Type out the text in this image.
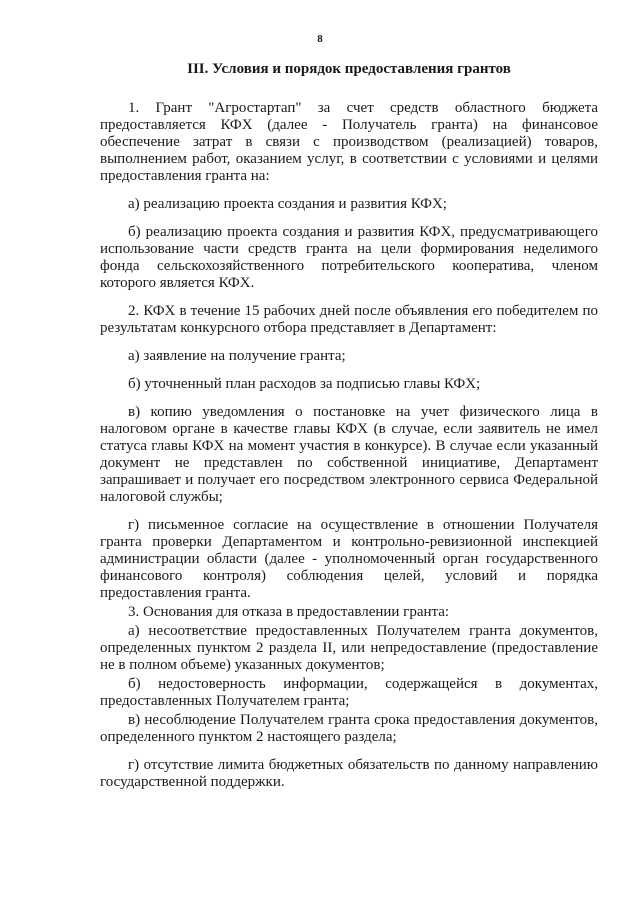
8
III. Условия и порядок предоставления грантов

1. Грант "Агростартап" за счет средств областного бюджета предоставляется КФХ (далее - Получатель гранта) на финансовое обеспечение затрат в связи с производством (реализацией) товаров, выполнением работ, оказанием услуг, в соответствии с условиями и целями предоставления гранта на:

а) реализацию проекта создания и развития КФХ;

б) реализацию проекта создания и развития КФХ, предусматривающего использование части средств гранта на цели формирования неделимого фонда сельскохозяйственного потребительского кооператива, членом которого является КФХ.

2. КФХ в течение 15 рабочих дней после объявления его победителем по результатам конкурсного отбора представляет в Департамент:

а) заявление на получение гранта;

б) уточненный план расходов за подписью главы КФХ;

в) копию уведомления о постановке на учет физического лица в налоговом органе в качестве главы КФХ (в случае, если заявитель не имел статуса главы КФХ на момент участия в конкурсе). В случае если указанный документ не представлен по собственной инициативе, Департамент запрашивает и получает его посредством электронного сервиса Федеральной налоговой службы;

г) письменное согласие на осуществление в отношении Получателя гранта проверки Департаментом и контрольно-ревизионной инспекцией администрации области (далее - уполномоченный орган государственного финансового контроля) соблюдения целей, условий и порядка предоставления гранта.

3. Основания для отказа в предоставлении гранта:

а) несоответствие предоставленных Получателем гранта документов, определенных пунктом 2 раздела II, или непредоставление (предоставление не в полном объеме) указанных документов;

б) недостоверность информации, содержащейся в документах, предоставленных Получателем гранта;

в) несоблюдение Получателем гранта срока предоставления документов, определенного пунктом 2 настоящего раздела;

г) отсутствие лимита бюджетных обязательств по данному направлению государственной поддержки.
